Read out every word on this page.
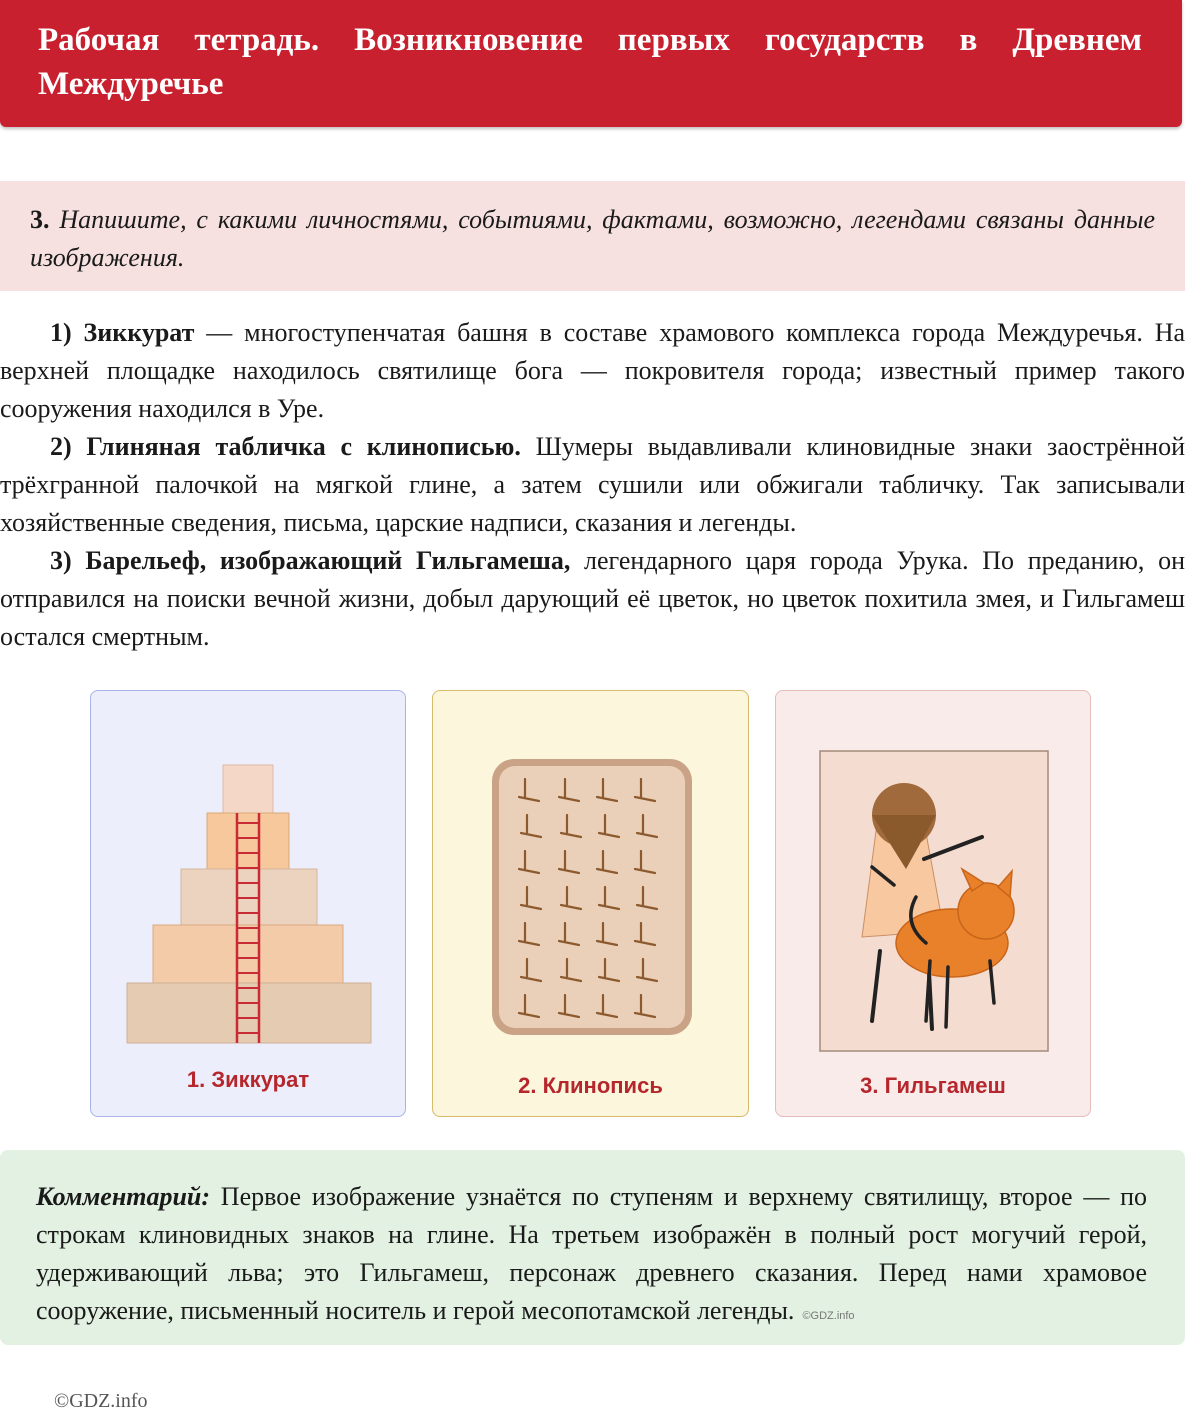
Рабочая тетрадь. Возникновение первых государств в Древнем Междуречье

3. Напишите, с какими личностями, событиями, фактами, возможно, легендами связаны данные изображения.

1) Зиккурат — многоступенчатая башня в составе храмового комплекса города Междуречья. На верхней площадке находилось святилище бога — покровителя города; известный пример такого сооружения находился в Уре.

2) Глиняная табличка с клинописью. Шумеры выдавливали клиновидные знаки заострённой трёхгранной палочкой на мягкой глине, а затем сушили или обжигали табличку. Так записывали хозяйственные сведения, письма, царские надписи, сказания и легенды.

3) Барельеф, изображающий Гильгамеша, легендарного царя города Урука. По преданию, он отправился на поиски вечной жизни, добыл дарующий её цветок, но цветок похитила змея, и Гильгамеш остался смертным.

1. Зиккурат	2. Клинопись	3. Гильгамеш

Комментарий: Первое изображение узнаётся по ступеням и верхнему святилищу, второе — по строкам клиновидных знаков на глине. На третьем изображён в полный рост могучий герой, удерживающий льва; это Гильгамеш, персонаж древнего сказания. Перед нами храмовое сооружение, письменный носитель и герой месопотамской легенды. ©GDZ.info

©GDZ.info
